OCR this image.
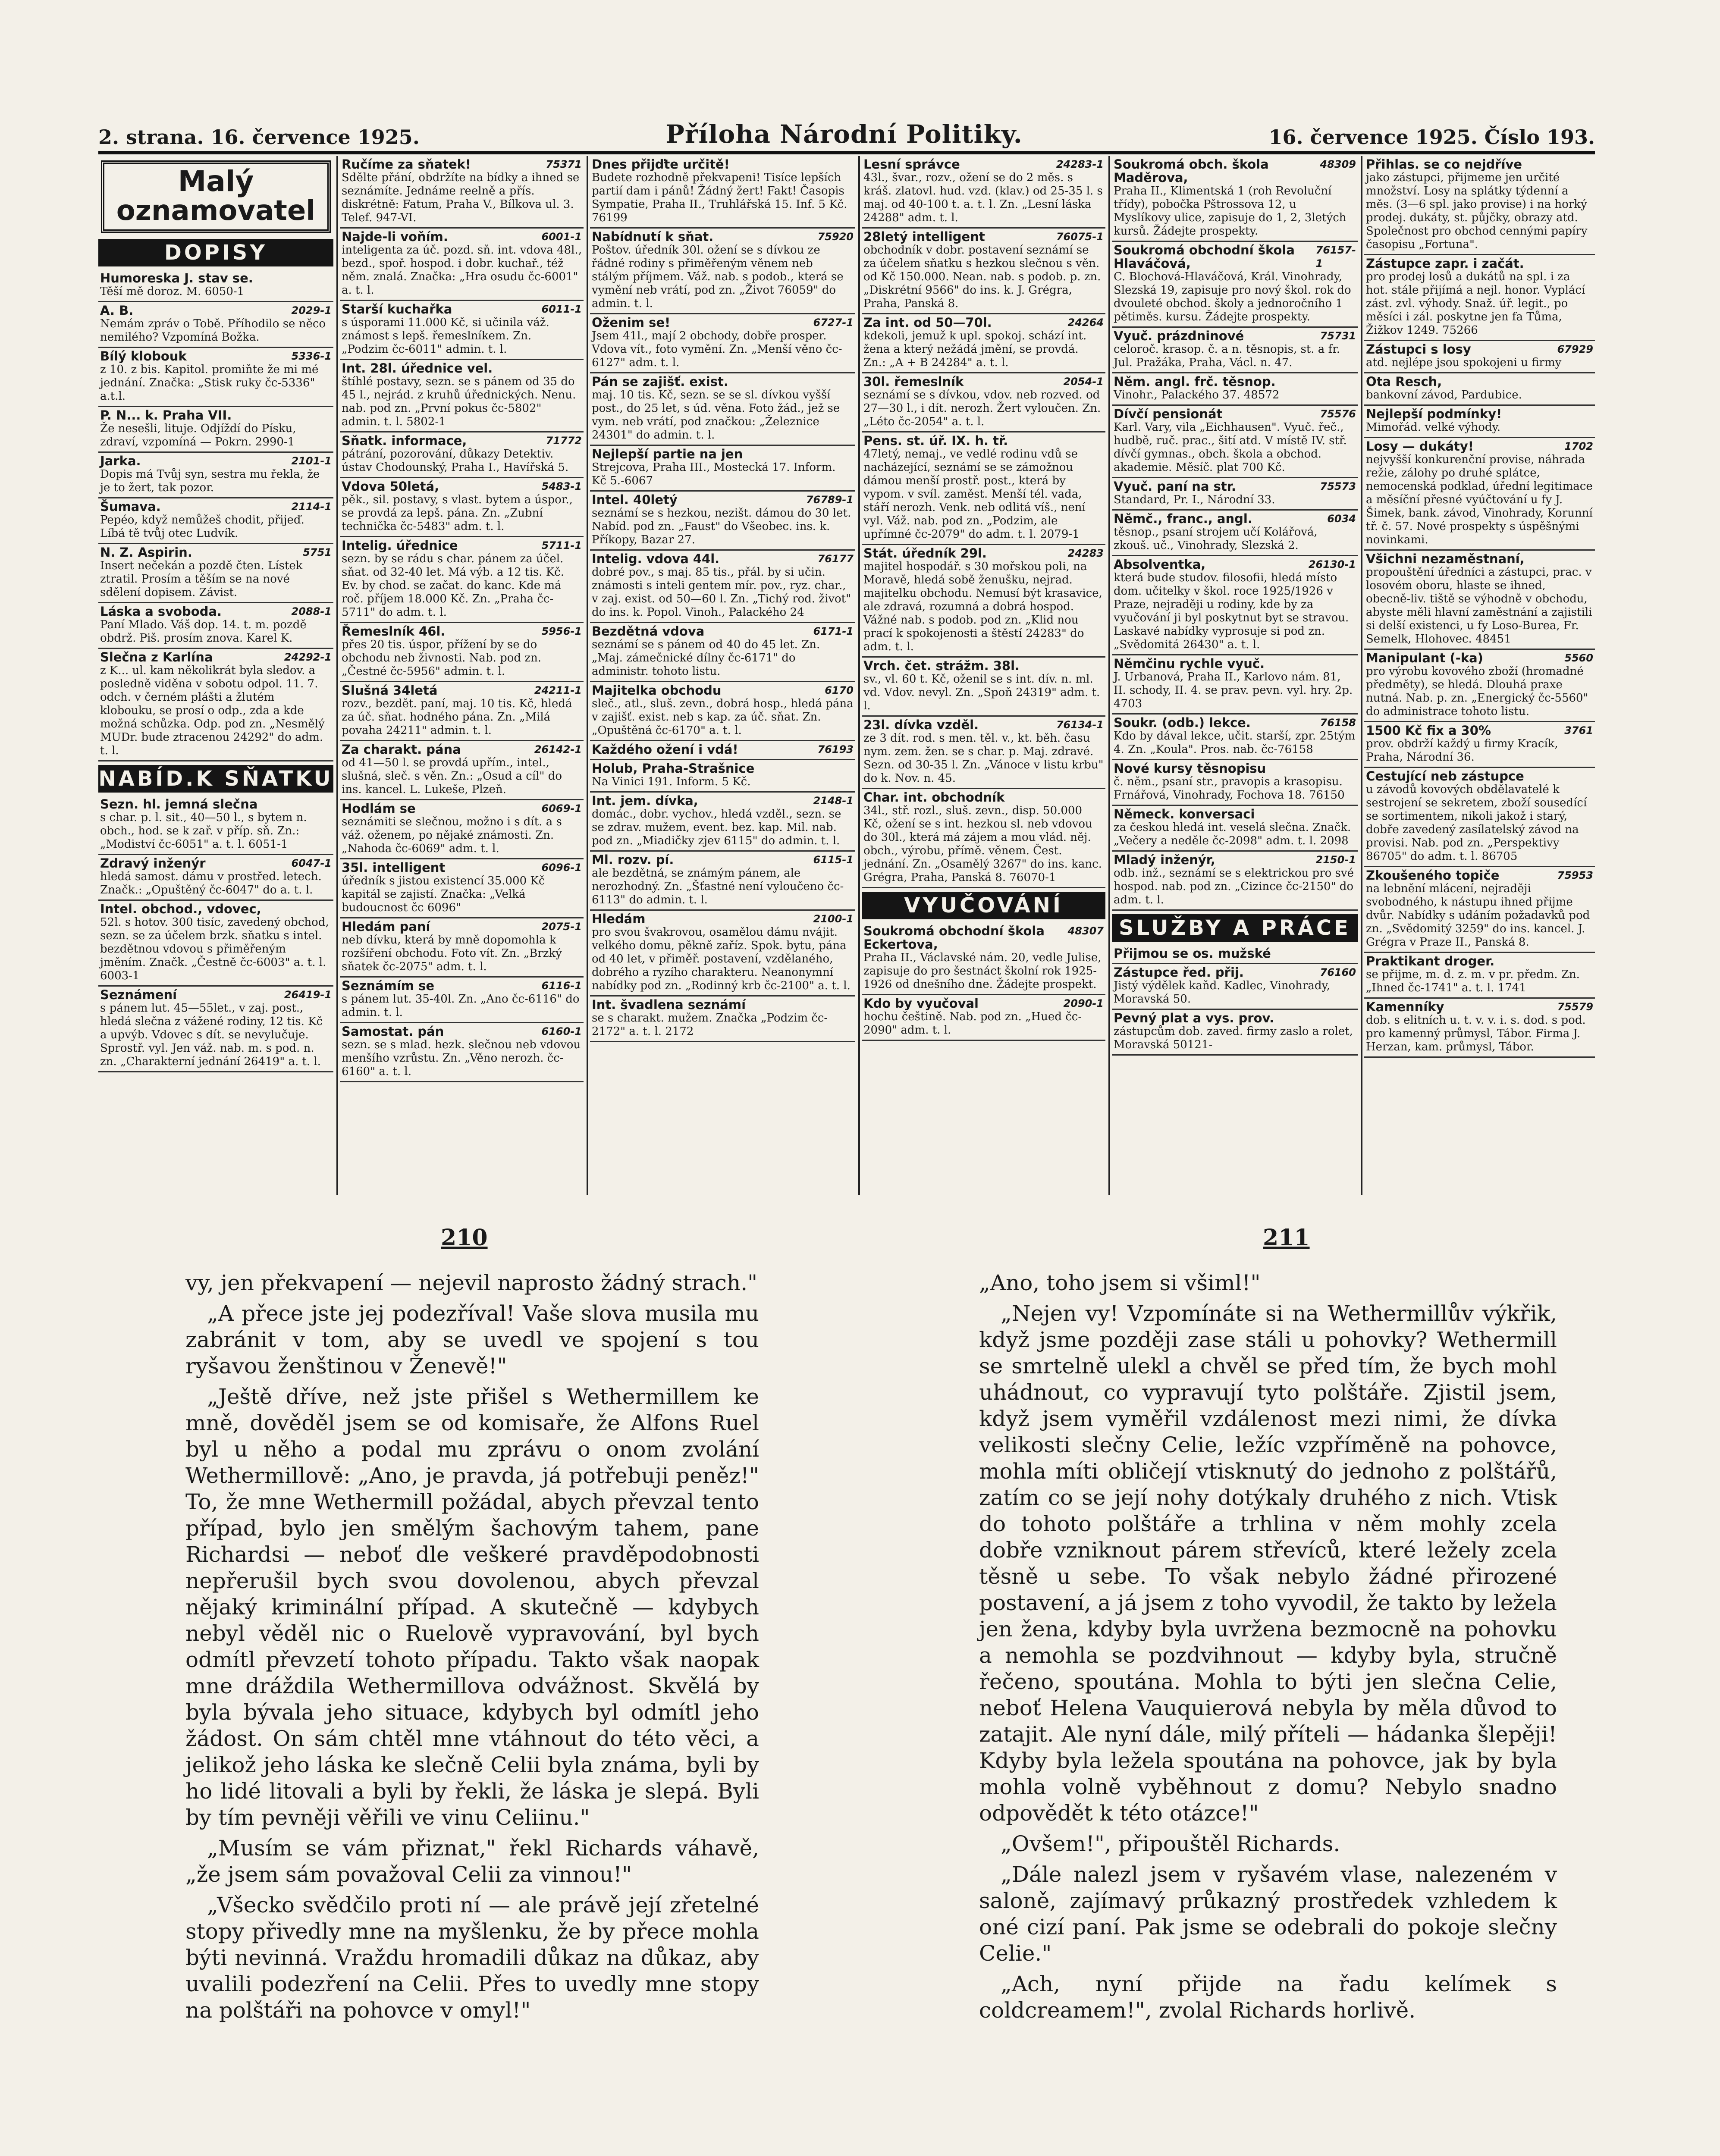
2. strana. 16. července 1925.	Příloha Národní Politiky.	16. července 1925. Číslo 193.
Malý
oznamovatel
DOPISY
Humoreska J. stav se.
Těší mě doroz. M. 6050-1
A. B.	2029-1
Nemám zpráv o Tobě. Příhodilo se něco nemilého? Vzpomíná Božka.
Bílý klobouk	5336-1
z 10. z bis. Kapitol. promiňte že mi mé jednání. Značka: „Stisk ruky čc-5336" a.t.l.
P. N... k. Praha VII.
Že nesešli, lituje. Odjíždí do Písku, zdraví, vzpomíná — Pokrn. 2990-1
Jarka.	2101-1
Dopis má Tvůj syn, sestra mu řekla, že je to žert, tak pozor.
Šumava.	2114-1
Pepéo, když nemůžeš chodit, přijeď. Líbá tě tvůj otec Ludvík.
N. Z. Aspirin.	5751
Insert nečekán a pozdě čten. Lístek ztratil. Prosím a těším se na nové sdělení dopisem. Závist.
Láska a svoboda.	2088-1
Paní Mlado. Váš dop. 14. t. m. pozdě obdrž. Piš. prosím znova. Karel K.
Slečna z Karlína	24292-1
z K... ul. kam několikrát byla sledov. a posledně viděna v sobotu odpol. 11. 7. odch. v černém plášti a žlutém klobouku, se prosí o odp., zda a kde možná schůzka. Odp. pod zn. „Nesmělý MUDr. bude ztracenou 24292" do adm. t. l.
NABÍD.K SŇATKU
Sezn. hl. jemná slečna
s char. p. l. sit., 40—50 l., s bytem n. obch., hod. se k zař. v příp. sň. Zn.: „Modiství čc-6051" a. t. l. 6051-1
Zdravý inženýr	6047-1
hledá samost. dámu v prostřed. letech. Značk.: „Opuštěný čc-6047" do a. t. l.
Intel. obchod., vdovec,
52l. s hotov. 300 tisíc, zavedený obchod, sezn. se za účelem brzk. sňatku s intel. bezdětnou vdovou s přiměřeným jměním. Značk. „Čestně čc-6003" a. t. l. 6003-1
Seznámení	26419-1
s pánem lut. 45—55let., v zaj. post., hledá slečna z vážené rodiny, 12 tis. Kč a upvýb. Vdovec s dít. se nevylučuje. Sprostř. vyl. Jen váž. nab. m. s pod. n. zn. „Charakterní jednání 26419" a. t. l.
Ručíme za sňatek!	75371
Sdělte přání, obdržíte na bídky a ihned se seznámíte. Jednáme reelně a přís. diskrétně: Fatum, Praha V., Bílkova ul. 3. Telef. 947-VI.
Najde-li voňím.	6001-1
inteligenta za úč. pozd. sň. int. vdova 48l., bezd., spoř. hospod. i dobr. kuchař., též něm. znalá. Značka: „Hra osudu čc-6001" a. t. l.
Starší kuchařka	6011-1
s úsporami 11.000 Kč, si učinila váž. známost s lepš. řemeslníkem. Zn. „Podzim čc-6011" admin. t. l.
Int. 28l. úřednice vel.
štíhlé postavy, sezn. se s pánem od 35 do 45 l., nejrád. z kruhů úřednických. Nenu. nab. pod zn. „První pokus čc-5802" admin. t. l. 5802-1
Sňatk. informace,	71772
pátrání, pozorování, důkazy Detektiv. ústav Chodounský, Praha I., Havířská 5.
Vdova 50letá,	5483-1
pěk., sil. postavy, s vlast. bytem a úspor., se provdá za lepš. pána. Zn. „Zubní technička čc-5483" adm. t. l.
Intelig. úřednice	5711-1
sezn. by se rádu s char. pánem za účel. sňat. od 32-40 let. Má výb. a 12 tis. Kč. Ev. by chod. se začat. do kanc. Kde má roč. příjem 18.000 Kč. Zn. „Praha čc-5711" do adm. t. l.
Řemeslník 46l.	5956-1
přes 20 tis. úspor, přížení by se do obchodu neb živnosti. Nab. pod zn. „Čestné čc-5956" admin. t. l.
Slušná 34letá	24211-1
rozv., bezdět. paní, maj. 10 tis. Kč, hledá za úč. sňat. hodného pána. Zn. „Milá povaha 24211" admin. t. l.
Za charakt. pána	26142-1
od 41—50 l. se provdá upřím., intel., slušná, sleč. s věn. Zn.: „Osud a cíl" do ins. kancel. L. Lukeše, Plzeň.
Hodlám se	6069-1
seznámiti se slečnou, možno i s dít. a s váž. oženem, po nějaké známosti. Zn. „Nahoda čc-6069" adm. t. l.
35l. intelligent	6096-1
úředník s jistou existencí 35.000 Kč kapitál se zajistí. Značka: „Velká budoucnost čc 6096"
Hledám paní	2075-1
neb dívku, která by mně dopomohla k rozšíření obchodu. Foto vít. Zn. „Brzký sňatek čc-2075" adm. t. l.
Seznámím se	6116-1
s pánem lut. 35-40l. Zn. „Ano čc-6116" do admin. t. l.
Samostat. pán	6160-1
sezn. se s mlad. hezk. slečnou neb vdovou menšího vzrůstu. Zn. „Věno nerozh. čc-6160" a. t. l.
Dnes přijďte určitě!
Budete rozhodně překvapeni! Tisíce lepších partií dam i pánů! Žádný žert! Fakt! Časopis Sympatie, Praha II., Truhlářská 15. Inf. 5 Kč. 76199
Nabídnutí k sňat.	75920
Poštov. úředník 30l. ožení se s dívkou ze řádné rodiny s přiměřeným věnem neb stálým příjmem. Váž. nab. s podob., která se vymění neb vrátí, pod zn. „Život 76059" do admin. t. l.
Oženim se!	6727-1
Jsem 41l., mají 2 obchody, dobře prosper. Vdova vít., foto vymění. Zn. „Menší věno čc-6127" adm. t. l.
Pán se zajišť. exist.
maj. 10 tis. Kč, sezn. se se sl. dívkou vyšší post., do 25 let, s úd. věna. Foto žád., jež se vym. neb vrátí, pod značkou: „Železnice 24301" do admin. t. l.
Nejlepší partie na jen
Strejcova, Praha III., Mostecká 17. Inform. Kč 5.-6067
Intel. 40letý	76789-1
seznámí se s hezkou, nezišt. dámou do 30 let. Nabíd. pod zn. „Faust" do Všeobec. ins. k. Příkopy, Bazar 27.
Intelig. vdova 44l.	76177
dobré pov., s maj. 85 tis., přál. by si učin. známosti s inteli gentem mír. pov., ryz. char., v zaj. exist. od 50—60 l. Zn. „Tichý rod. život" do ins. k. Popol. Vinoh., Palackého 24
Bezdětná vdova	6171-1
seznámí se s pánem od 40 do 45 let. Zn. „Maj. zámečnické dílny čc-6171" do administr. tohoto listu.
Majitelka obchodu	6170
sleč., atl., sluš. zevn., dobrá hosp., hledá pána v zajišť. exist. neb s kap. za úč. sňat. Zn. „Opuštěná čc-6170" a. t. l.
Každého ožení i vdá!	76193
Holub, Praha-Strašnice
Na Vinici 191. Inform. 5 Kč.
Int. jem. dívka,	2148-1
domác., dobr. vychov., hledá vzděl., sezn. se se zdrav. mužem, event. bez. kap. Mil. nab. pod zn. „Miadičky zjev 6115" do admin. t. l.
Ml. rozv. pí.	6115-1
ale bezdětná, se známým pánem, ale nerozhodný. Zn. „Šťastné není vyloučeno čc-6113" do admin. t. l.
Hledám	2100-1
pro svou švakrovou, osamělou dámu nvájit. velkého domu, pěkně zaříz. Spok. bytu, pána od 40 let, v přiměř. postavení, vzdělaného, dobrého a ryzího charakteru. Neanonymní nabídky pod zn. „Rodinný krb čc-2100" a. t. l.
Int. švadlena seznámí
se s charakt. mužem. Značka „Podzim čc-2172" a. t. l. 2172
Lesní správce	24283-1
43l., švar., rozv., ožení se do 2 měs. s kráš. zlatovl. hud. vzd. (klav.) od 25-35 l. s maj. od 40-100 t. a. t. l. Zn. „Lesní láska 24288" adm. t. l.
28letý intelligent	76075-1
obchodník v dobr. postavení seznámí se za účelem sňatku s hezkou slečnou s věn. od Kč 150.000. Nean. nab. s podob. p. zn. „Diskrétní 9566" do ins. k. J. Grégra, Praha, Panská 8.
Za int. od 50—70l.	24264
kdekoli, jemuž k upl. spokoj. schází int. žena a který nežádá jmění, se provdá. Zn.: „A + B 24284" a. t. l.
30l. řemeslník	2054-1
seznámí se s dívkou, vdov. neb rozved. od 27—30 l., i dít. nerozh. Žert vyloučen. Zn. „Léto čc-2054" a. t. l.
Pens. st. úř. IX. h. tř.
47letý, nemaj., ve vedlé rodinu vdů se nacházející, seznámí se se zámožnou dámou menší prostř. post., která by vypom. v svíl. zaměst. Menší tél. vada, stáří nerozh. Venk. neb odlitá víš., není vyl. Váž. nab. pod zn. „Podzim, ale upřímné čc-2079" do adm. t. l. 2079-1
Stát. úředník 29l.	24283
majitel hospodář. s 30 mořskou poli, na Moravě, hledá sobě ženušku, nejrad. majitelku obchodu. Nemusí být krasavice, ale zdravá, rozumná a dobrá hospod. Vážné nab. s podob. pod zn. „Klid nou prací k spokojenosti a štěstí 24283" do adm. t. l.
Vrch. čet. strážm. 38l.
sv., vl. 60 t. Kč, oženil se s int. dív. n. ml. vd. Vdov. nevyl. Zn. „Spoň 24319" adm. t. l.
23l. dívka vzděl.	76134-1
ze 3 dít. rod. s men. těl. v., kt. běh. času nym. zem. žen. se s char. p. Maj. zdravé. Sezn. od 30-35 l. Zn. „Vánoce v listu krbu" do k. Nov. n. 45.
Char. int. obchodník
34l., stř. rozl., sluš. zevn., disp. 50.000 Kč, ožení se s int. hezkou sl. neb vdovou do 30l., která má zájem a mou vlád. něj. obch., výrobu, přímě. věnem. Čest. jednání. Zn. „Osamělý 3267" do ins. kanc. Grégra, Praha, Panská 8. 76070-1
VYUČOVÁNÍ
Soukromá obchodní škola Eckertova,
48307
Praha II., Václavské nám. 20, vedle Julise, zapisuje do pro šestnáct školní rok 1925-1926 od dnešního dne. Žádejte prospekt.
Kdo by vyučoval	2090-1
hochu češtině. Nab. pod zn. „Hued čc-2090" adm. t. l.
Soukromá obch. škola Maděrova,
48309
Praha II., Klimentská 1 (roh Revoluční třídy), pobočka Pštrossova 12, u Myslíkovy ulice, zapisuje do 1, 2, 3letých kursů. Žádejte prospekty.
Soukromá obchodní škola Hlaváčová,
76157-1
C. Blochová-Hlaváčová, Král. Vinohrady, Slezská 19, zapisuje pro nový škol. rok do dvouleté obchod. školy a jednoročního 1 pětiměs. kursu. Žádejte prospekty.
Vyuč. prázdninové	75731
celoroč. krasop. č. a n. těsnopis, st. a fr. Jul. Pražáka, Praha, Václ. n. 47.
Něm. angl. frč. těsnop.
Vinohr., Palackého 37. 48572
Dívčí pensionát	75576
Karl. Vary, vila „Eichhausen". Vyuč. řeč., hudbě, ruč. prac., šití atd. V místě IV. stř. dívčí gymnas., obch. škola a obchod. akademie. Měsíč. plat 700 Kč.
Vyuč. paní na str.	75573
Standard, Pr. I., Národní 33.
Němč., franc., angl.	6034
těsnop., psaní strojem učí Kolářová, zkouš. uč., Vinohrady, Slezská 2.
Absolventka,	26130-1
která bude studov. filosofii, hledá místo dom. učitelky v škol. roce 1925/1926 v Praze, nejraději u rodiny, kde by za vyučování ji byl poskytnut byt se stravou. Laskavé nabídky vyprosuje si pod zn. „Svědomitá 26430" a. t. l.
Němčinu rychle vyuč.
J. Urbanová, Praha II., Karlovo nám. 81, II. schody, II. 4. se prav. pevn. vyl. hry. 2p. 4703
Soukr. (odb.) lekce.	76158
Kdo by dával lekce, učit. starší, zpr. 25tým 4. Zn. „Koula". Pros. nab. čc-76158
Nové kursy těsnopisu
č. něm., psaní str., pravopis a krasopisu. Frnářová, Vinohrady, Fochova 18. 76150
Německ. konversaci
za českou hledá int. veselá slečna. Značk. „Večery a neděle čc-2098" adm. t. l. 2098
Mladý inženýr,	2150-1
odb. inž., seznámí se s elektrickou pro své hospod. nab. pod zn. „Cizince čc-2150" do adm. t. l.
SLUŽBY A PRÁCE
Přijmou se os. mužské
Zástupce řed. přij.	76160
Jistý výdělek kaňd. Kadlec, Vinohrady, Moravská 50.
Pevný plat a vys. prov.
zástupcům dob. zaved. firmy zaslo a rolet, Moravská 50121-
Přihlas. se co nejdříve
jako zástupci, přijmeme jen určité množství. Losy na splátky týdenní a měs. (3—6 spl. jako provise) i na horký prodej. dukáty, st. půjčky, obrazy atd. Společnost pro obchod cennými papíry časopisu „Fortuna".
Zástupce zapr. i začát.
pro prodej losů a dukátů na spl. i za hot. stále přijímá a nejl. honor. Vyplácí zást. zvl. výhody. Snaž. úř. legit., po měsíci i zál. poskytne jen fa Tůma, Žižkov 1249. 75266
Zástupci s losy	67929
atd. nejlépe jsou spokojeni u firmy
Ota Resch,
bankovní závod, Pardubice.
Nejlepší podmínky!
Mimořád. velké výhody.
Losy — dukáty!	1702
nejvyšší konkurenční provise, náhrada režie, zálohy po druhé splátce, nemocenská podklad, úřední legitimace a měsíční přesné vyúčtování u fy J. Šimek, bank. závod, Vinohrady, Korunní tř. č. 57. Nové prospekty s úspěšnými novinkami.
Všichni nezaměstnaní,
propouštění úředníci a zástupci, prac. v losovém oboru, hlaste se ihned, obecně-liv. tiště se výhodně v obchodu, abyste měli hlavní zaměstnání a zajistili si delší existenci, u fy Loso-Burea, Fr. Semelk, Hlohovec. 48451
Manipulant (-ka)	5560
pro výrobu kovového zboží (hromadné předměty), se hledá. Dlouhá praxe nutná. Nab. p. zn. „Energický čc-5560" do administrace tohoto listu.
1500 Kč fix a 30%	3761
prov. obdrží každý u firmy Kracík, Praha, Národní 36.
Cestující neb zástupce
u závodů kovových obdělavatelé k sestrojení se sekretem, zboží sousedící se sortimentem, nikoli jakož i starý, dobře zavedený zasílatelský závod na provisi. Nab. pod zn. „Perspektivy 86705" do adm. t. l. 86705
Zkoušeného topiče	75953
na lebnění mlácení, nejraději svobodného, k nástupu ihned přijme dvůr. Nabídky s udáním požadavků pod zn. „Svědomitý 3259" do ins. kancel. J. Grégra v Praze II., Panská 8.
Praktikant droger.
se přijme, m. d. z. m. v pr. předm. Zn. „Ihned čc-1741" a. t. l. 1741
Kamenníky	75579
dob. s elitních u. t. v. v. i. s. dod. s pod. pro kamenný průmysl, Tábor. Firma J. Herzan, kam. průmysl, Tábor.
210	211

vy, jen překvapení — nejevil naprosto žádný strach."

„A přece jste jej podezříval! Vaše slova musila mu zabránit v tom, aby se uvedl ve spojení s tou ryšavou ženštinou v Ženevě!"

„Ještě dříve, než jste přišel s Wethermillem ke mně, dověděl jsem se od komisaře, že Alfons Ruel byl u něho a podal mu zprávu o onom zvolání Wethermillově: „Ano, je pravda, já potřebuji peněz!" To, že mne Wethermill požádal, abych převzal tento případ, bylo jen smělým šachovým tahem, pane Richardsi — neboť dle veškeré pravděpodobnosti nepřerušil bych svou dovolenou, abych převzal nějaký kriminální případ. A skutečně — kdybych nebyl věděl nic o Ruelově vypravování, byl bych odmítl převzetí tohoto případu. Takto však naopak mne dráždila Wethermillova odvážnost. Skvělá by byla bývala jeho situace, kdybych byl odmítl jeho žádost. On sám chtěl mne vtáhnout do této věci, a jelikož jeho láska ke slečně Celii byla známa, byli by ho lidé litovali a byli by řekli, že láska je slepá. Byli by tím pevněji věřili ve vinu Celiinu."

„Musím se vám přiznat," řekl Richards váhavě, „že jsem sám považoval Celii za vinnou!"

„Všecko svědčilo proti ní — ale právě její zřetelné stopy přivedly mne na myšlenku, že by přece mohla býti nevinná. Vraždu hromadili důkaz na důkaz, aby uvalili podezření na Celii. Přes to uvedly mne stopy na polštáři na pohovce v omyl!"

„Ano, toho jsem si všiml!"

„Nejen vy! Vzpomínáte si na Wethermillův výkřik, když jsme později zase stáli u pohovky? Wethermill se smrtelně ulekl a chvěl se před tím, že bych mohl uhádnout, co vypravují tyto polštáře. Zjistil jsem, když jsem vyměřil vzdálenost mezi nimi, že dívka velikosti slečny Celie, ležíc vzpříměně na pohovce, mohla míti obličejí vtisknutý do jednoho z polštářů, zatím co se její nohy dotýkaly druhého z nich. Vtisk do tohoto polštáře a trhlina v něm mohly zcela dobře vzniknout párem střevíců, které ležely zcela těsně u sebe. To však nebylo žádné přirozené postavení, a já jsem z toho vyvodil, že takto by ležela jen žena, kdyby byla uvržena bezmocně na pohovku a nemohla se pozdvihnout — kdyby byla, stručně řečeno, spoutána. Mohla to býti jen slečna Celie, neboť Helena Vauquierová nebyla by měla důvod to zatajit. Ale nyní dále, milý příteli — hádanka šlepěji! Kdyby byla ležela spoutána na pohovce, jak by byla mohla volně vyběhnout z domu? Nebylo snadno odpovědět k této otázce!"

„Ovšem!", připouštěl Richards.

„Dále nalezl jsem v ryšavém vlase, nalezeném v saloně, zajímavý průkazný prostředek vzhledem k oné cizí paní. Pak jsme se odebrali do pokoje slečny Celie."

„Ach, nyní přijde na řadu kelímek s coldcreamem!", zvolal Richards horlivě.
